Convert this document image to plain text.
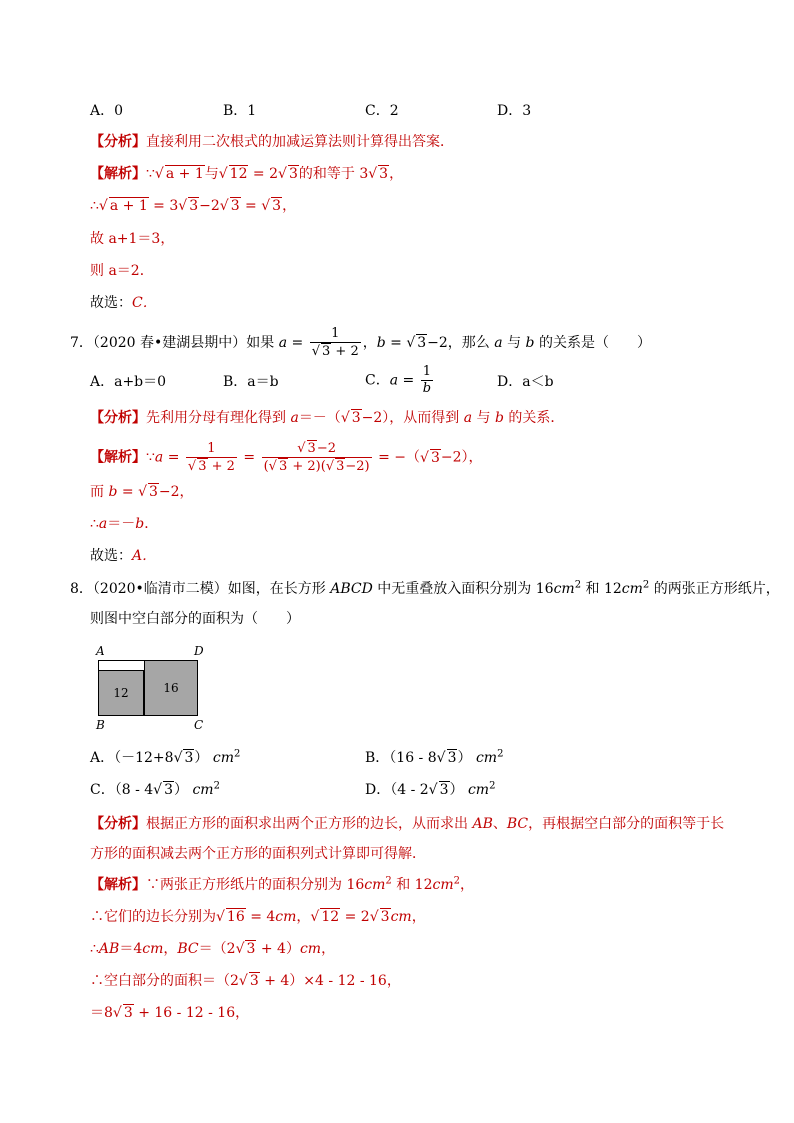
A．0	B．1	C．2	D．3
【分析】直接利用二次根式的加减运算法则计算得出答案．
【解析】∵√ a + 1与√ 12 = 2√ 3的和等于 3√ 3，
∴√ a + 1 = 3√ 3−2√ 3 = √ 3，
故 a+1＝3，
则 a＝2．
故选：C．
7．（2020 春•建湖县期中）如果 $a = \frac{1}{√ 3 + 2}$ ，b = √ 3−2，那么 a 与 b 的关系是（　　）
A．a+b＝0	B．a＝b	C．$a = \frac{1}{b}$	D．a＜b
【分析】先利用分母有理化得到 a＝－（√ 3−2），从而得到 a 与 b 的关系．
【解析】∵a = $\frac{1}{√ 3 + 2} = \frac{√ 3-2}{(√ 3 + 2)(√ 3-2)}$ = −（√ 3−2），
而 b = √ 3−2，
∴a＝－b．
故选：A．
8．（2020•临清市二模）如图，在长方形 ABCD 中无重叠放入面积分别为 $16cm^2$ 和 $12cm^2$ 的两张正方形纸片，
则图中空白部分的面积为（　　）
A	D
12	16
B	C
A．（－12+8√ 3） $cm^2$	B．（16 - 8√ 3） $cm^2$
C．（8 - 4√ 3） $cm^2$	D．（4 - 2√ 3） $cm^2$
【分析】根据正方形的面积求出两个正方形的边长，从而求出 AB、BC，再根据空白部分的面积等于长
方形的面积减去两个正方形的面积列式计算即可得解．
【解析】∵两张正方形纸片的面积分别为 $16cm^2$ 和 $12cm^2$，
∴它们的边长分别为√ 16 = 4cm，√ 12 = 2√ 3cm，
∴AB＝4cm，BC＝（2√ 3 + 4）cm，
∴空白部分的面积＝（2√ 3 + 4）×4 - 12 - 16，
＝8√ 3 + 16 - 12 - 16，
